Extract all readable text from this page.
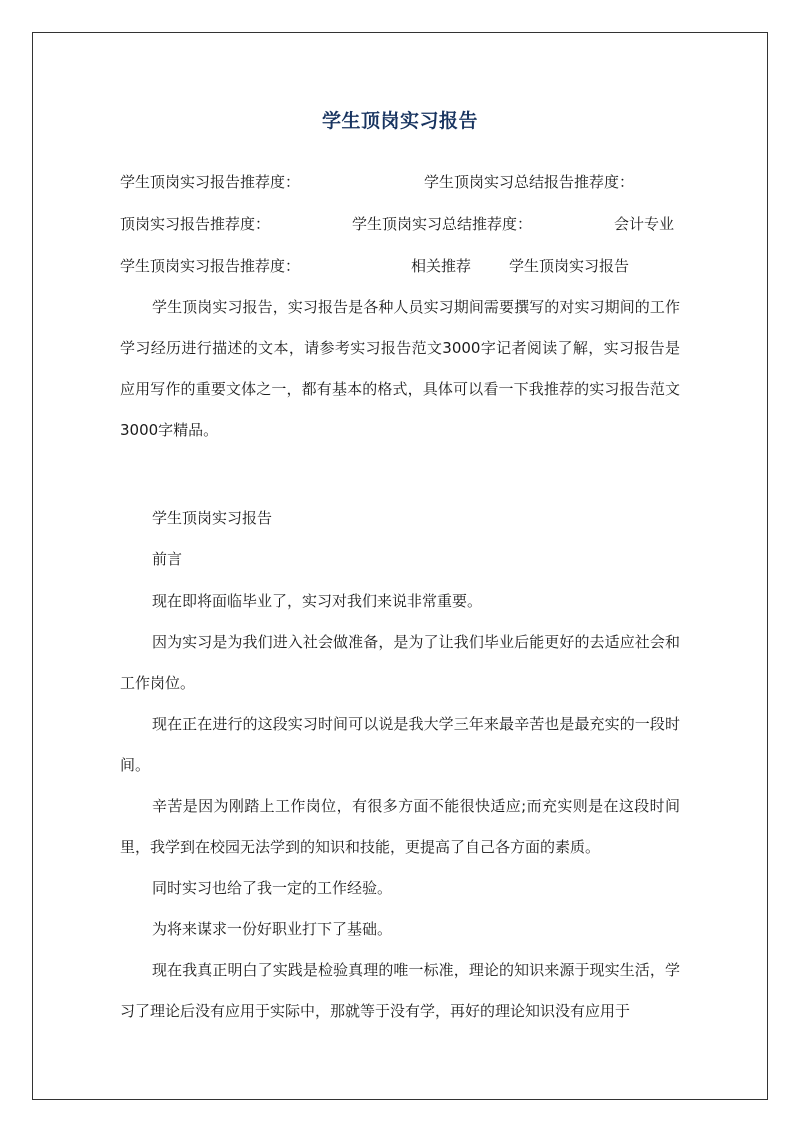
学生顶岗实习报告
学生顶岗实习报告推荐度：	学生顶岗实习总结报告推荐度：
顶岗实习报告推荐度：	学生顶岗实习总结推荐度：	会计专业
学生顶岗实习报告推荐度：	相关推荐	学生顶岗实习报告
学生顶岗实习报告，实习报告是各种人员实习期间需要撰写的对实习期间的工作学习经历进行描述的文本，请参考实习报告范文3000字记者阅读了解，实习报告是应用写作的重要文体之一，都有基本的格式，具体可以看一下我推荐的实习报告范文3000字精品。
学生顶岗实习报告
前言
现在即将面临毕业了，实习对我们来说非常重要。
因为实习是为我们进入社会做准备，是为了让我们毕业后能更好的去适应社会和工作岗位。
现在正在进行的这段实习时间可以说是我大学三年来最辛苦也是最充实的一段时间。
辛苦是因为刚踏上工作岗位，有很多方面不能很快适应;而充实则是在这段时间里，我学到在校园无法学到的知识和技能，更提高了自己各方面的素质。
同时实习也给了我一定的工作经验。
为将来谋求一份好职业打下了基础。
现在我真正明白了实践是检验真理的唯一标准，理论的知识来源于现实生活，学习了理论后没有应用于实际中，那就等于没有学，再好的理论知识没有应用于
